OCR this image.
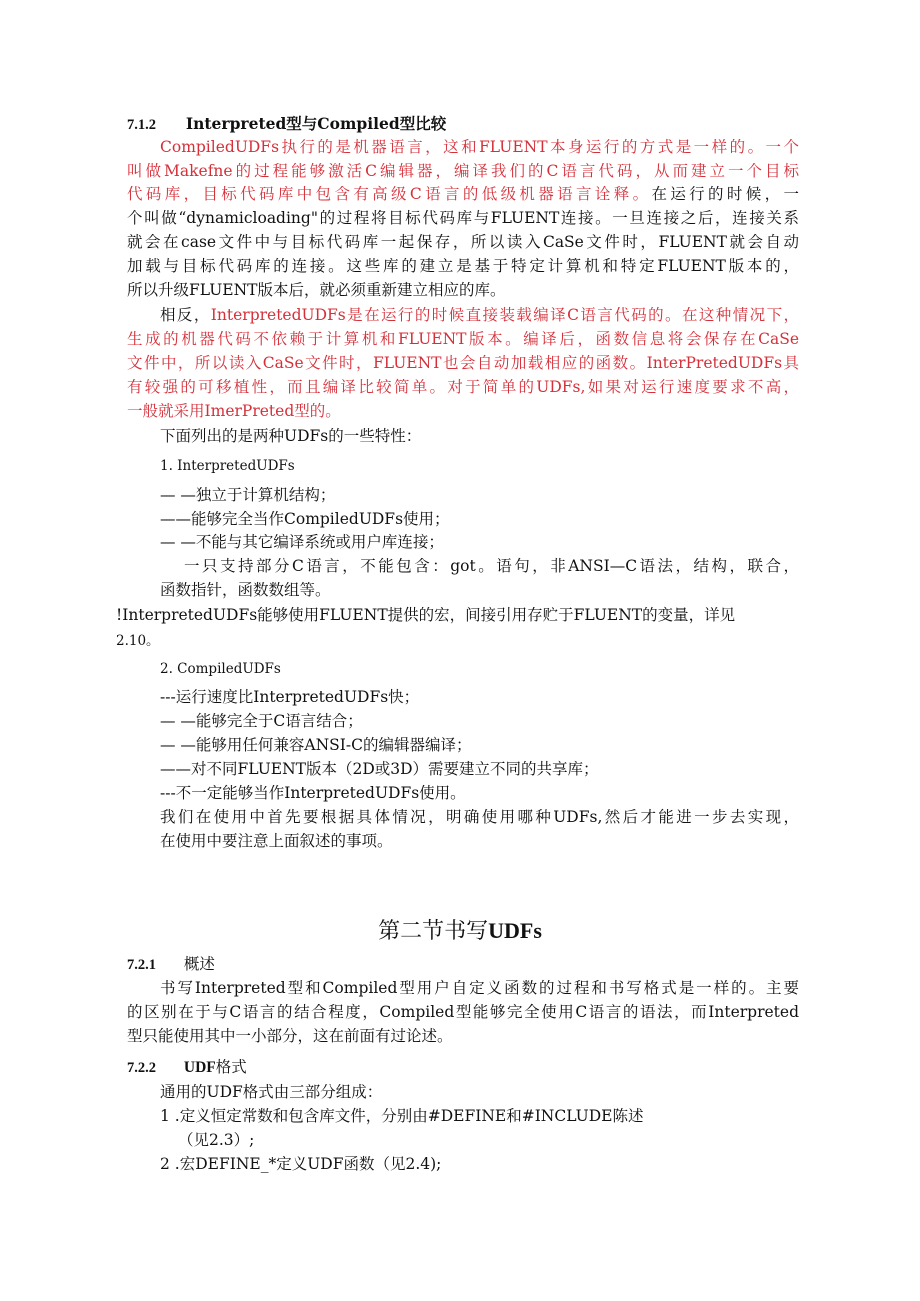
7.1.2 Interpreted型与Compiled型比较
CompiledUDFs执行的是机器语言，这和FLUENT本身运行的方式是一样的。一个
叫做Makefne的过程能够激活C编辑器，编译我们的C语言代码，从而建立一个目标
代码库，目标代码库中包含有高级C语言的低级机器语言诠释。在运行的时候，一
个叫做“dynamicloading"的过程将目标代码库与FLUENT连接。一旦连接之后，连接关系
就会在case文件中与目标代码库一起保存，所以读入CaSe文件时，FLUENT就会自动
加载与目标代码库的连接。这些库的建立是基于特定计算机和特定FLUENT版本的，
所以升级FLUENT版本后，就必须重新建立相应的库。
相反，InterpretedUDFs是在运行的时候直接装载编译C语言代码的。在这种情况下，
生成的机器代码不依赖于计算机和FLUENT版本。编译后，函数信息将会保存在CaSe
文件中，所以读入CaSe文件时，FLUENT也会自动加载相应的函数。InterPretedUDFs具
有较强的可移植性，而且编译比较简单。对于简单的UDFs,如果对运行速度要求不高，
一般就采用ImerPreted型的。
下面列出的是两种UDFs的一些特性：
1. InterpretedUDFs
— —独立于计算机结构；
——能够完全当作CompiledUDFs使用；
— —不能与其它编译系统或用户库连接；
一只支持部分C语言，不能包含：got。语句，非ANSI—C语法，结构，联合，
函数指针，函数数组等。
!InterpretedUDFs能够使用FLUENT提供的宏，间接引用存贮于FLUENT的变量，详见
2.10。
2. CompiledUDFs
---运行速度比InterpretedUDFs快；
— —能够完全于C语言结合；
— —能够用任何兼容ANSI-C的编辑器编译；
——对不同FLUENT版本（2D或3D）需要建立不同的共享库；
---不一定能够当作InterpretedUDFs使用。
我们在使用中首先要根据具体情况，明确使用哪种UDFs,然后才能进一步去实现，
在使用中要注意上面叙述的事项。
第二节书写UDFs
7.2.1 概述
书写Interpreted型和Compiled型用户自定义函数的过程和书写格式是一样的。主要
的区别在于与C语言的结合程度，Compiled型能够完全使用C语言的语法，而Interpreted
型只能使用其中一小部分，这在前面有过论述。
7.2.2 UDF格式
通用的UDF格式由三部分组成：
1 .定义恒定常数和包含库文件，分别由#DEFINE和#INCLUDE陈述
（见2.3）;
2 .宏DEFINE_*定义UDF函数（见2.4);
